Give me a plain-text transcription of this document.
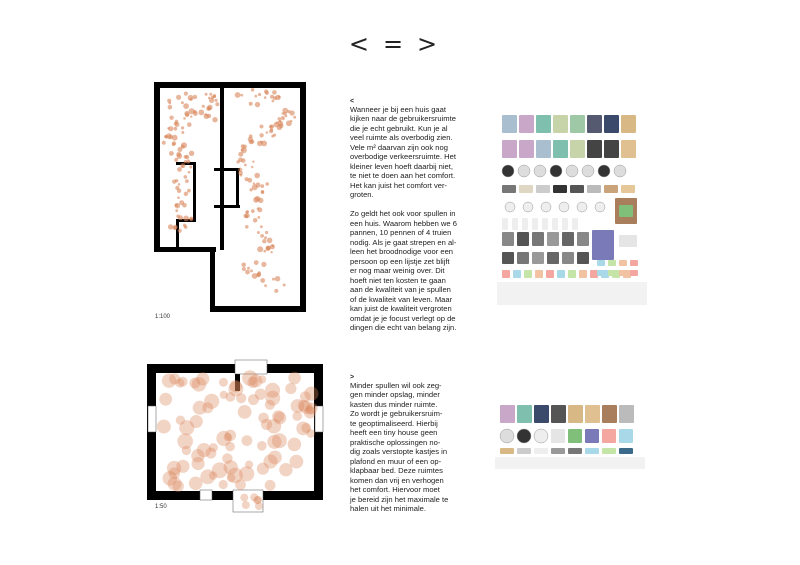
<=>
1:100

<
Wanneer je bij een huis gaat
kijken naar de gebruikersruimte
die je echt gebruikt. Kun je al
veel ruimte als overbodig zien.
Vele m² daarvan zijn ook nog
overbodige verkeersruimte. Het
kleiner leven hoeft daarbij niet,
te niet te doen aan het comfort.
Het kan juist het comfort ver-
groten.

Zo geldt het ook voor spullen in
een huis. Waarom hebben we 6
pannen, 10 pennen of 4 truien
nodig. Als je gaat strepen en al-
leen het broodnodige voor een
persoon op een lijstje zet blijft
er nog maar weinig over. Dit
hoeft niet ten kosten te gaan
aan de kwaliteit van je spullen
of de kwaliteit van leven. Maar
kan juist de kwaliteit vergroten
omdat je je focust verlegt op de
dingen die echt van belang zijn.

1:50

>
Minder spullen wil ook zeg-
gen minder opslag, minder
kasten dus minder ruimte.
Zo wordt je gebruikersruim-
te geoptimaliseerd. Hierbij
heeft een tiny house geen
praktische oplossingen no-
dig zoals verstopte kastjes in
plafond en muur of een op-
klapbaar bed. Deze ruimtes
komen dan vrij en verhogen
het comfort. Hiervoor moet
je bereid zijn het maximale te
halen uit het minimale.
